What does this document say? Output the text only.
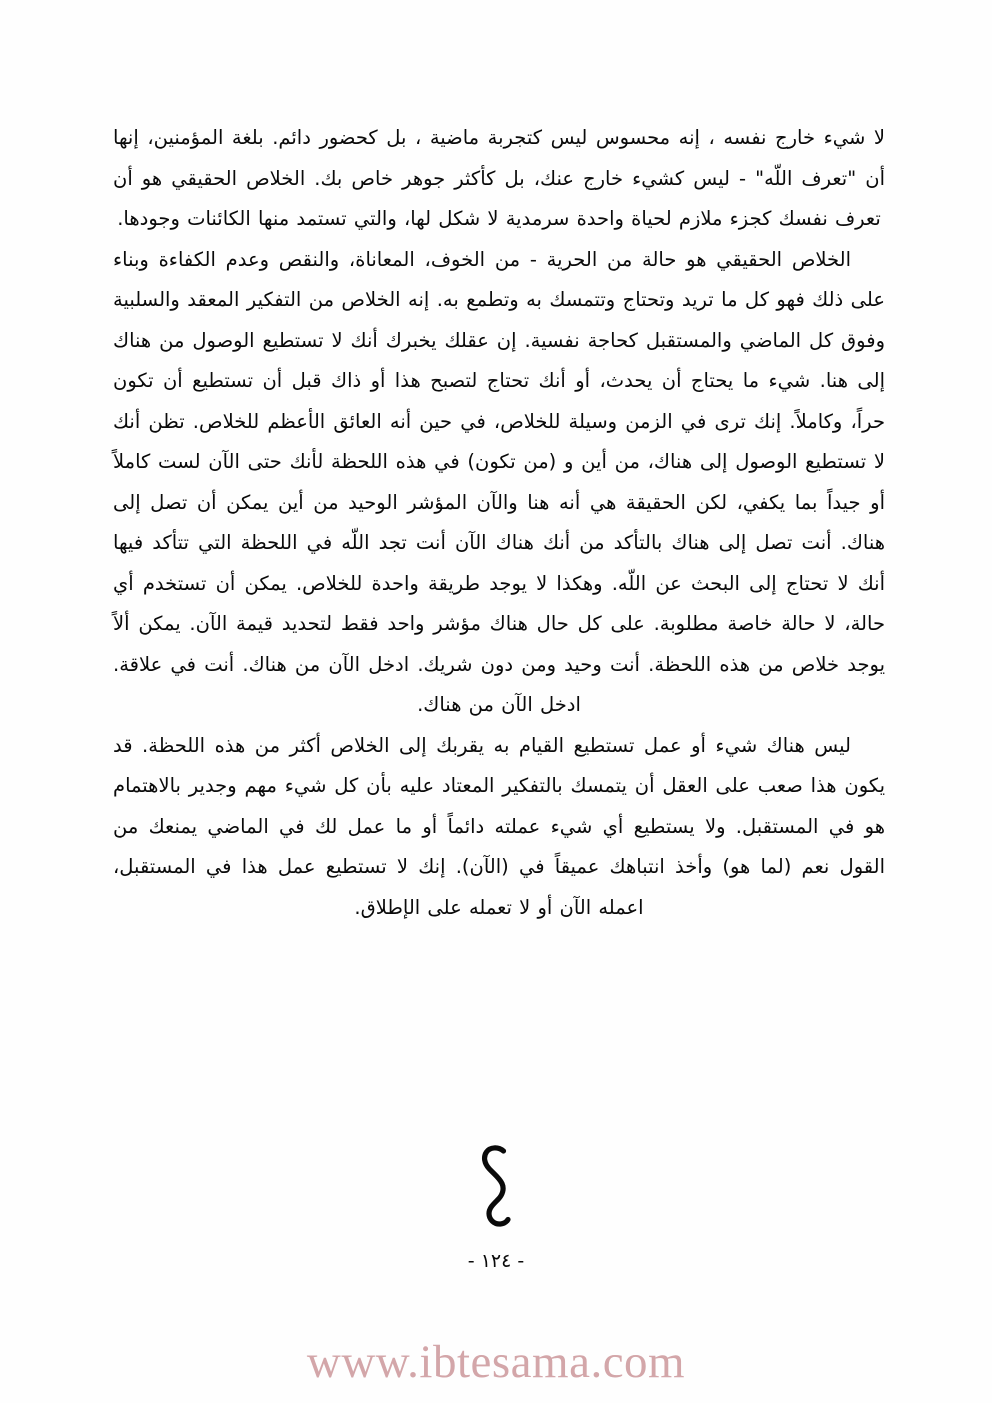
لا شيء خارج نفسه ، إنه محسوس ليس كتجربة ماضية ، بل كحضور دائم. بلغة المؤمنين، إنها أن "تعرف اللّه" - ليس كشيء خارج عنك، بل كأكثر جوهر خاص بك. الخلاص الحقيقي هو أن تعرف نفسك كجزء ملازم لحياة واحدة سرمدية لا شكل لها، والتي تستمد منها الكائنات وجودها.

الخلاص الحقيقي هو حالة من الحرية - من الخوف، المعاناة، والنقص وعدم الكفاءة وبناء على ذلك فهو كل ما تريد وتحتاج وتتمسك به وتطمع به. إنه الخلاص من التفكير المعقد والسلبية وفوق كل الماضي والمستقبل كحاجة نفسية. إن عقلك يخبرك أنك لا تستطيع الوصول من هناك إلى هنا. شيء ما يحتاج أن يحدث، أو أنك تحتاج لتصبح هذا أو ذاك قبل أن تستطيع أن تكون حراً، وكاملاً. إنك ترى في الزمن وسيلة للخلاص، في حين أنه العائق الأعظم للخلاص. تظن أنك لا تستطيع الوصول إلى هناك، من أين و (من تكون) في هذه اللحظة لأنك حتى الآن لست كاملاً أو جيداً بما يكفي، لكن الحقيقة هي أنه هنا والآن المؤشر الوحيد من أين يمكن أن تصل إلى هناك. أنت تصل إلى هناك بالتأكد من أنك هناك الآن أنت تجد اللّه في اللحظة التي تتأكد فيها أنك لا تحتاج إلى البحث عن اللّه. وهكذا لا يوجد طريقة واحدة للخلاص. يمكن أن تستخدم أي حالة، لا حالة خاصة مطلوبة. على كل حال هناك مؤشر واحد فقط لتحديد قيمة الآن. يمكن ألاً يوجد خلاص من هذه اللحظة. أنت وحيد ومن دون شريك. ادخل الآن من هناك. أنت في علاقة. ادخل الآن من هناك.

ليس هناك شيء أو عمل تستطيع القيام به يقربك إلى الخلاص أكثر من هذه اللحظة. قد يكون هذا صعب على العقل أن يتمسك بالتفكير المعتاد عليه بأن كل شيء مهم وجدير بالاهتمام هو في المستقبل. ولا يستطيع أي شيء عملته دائماً أو ما عمل لك في الماضي يمنعك من القول نعم (لما هو) وأخذ انتباهك عميقاً في (الآن). إنك لا تستطيع عمل هذا في المستقبل، اعمله الآن أو لا تعمله على الإطلاق.

- ١٢٤ -
www.ibtesama.com
